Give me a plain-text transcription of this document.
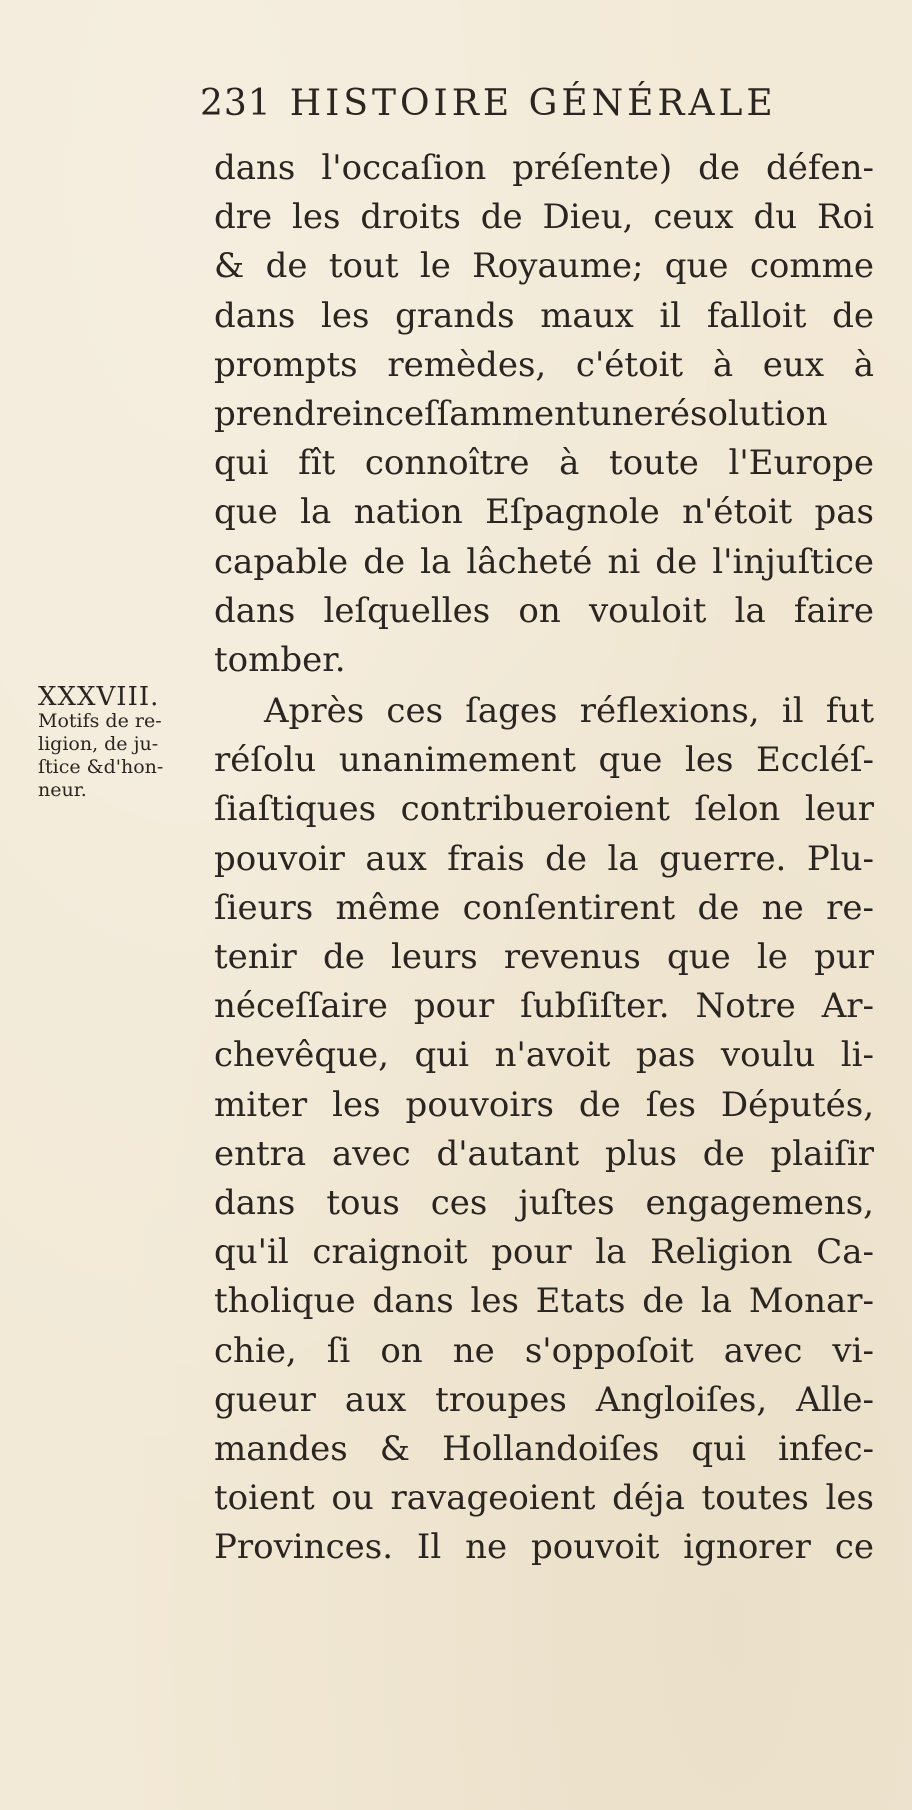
231 HISTOIRE GÉNÉRALE
dans l'occaſion préſente) de défen-
dre les droits de Dieu, ceux du Roi
& de tout le Royaume; que comme
dans les grands maux il falloit de
prompts remèdes, c'étoit à eux à
prendreinceſſammentunerésolution
qui fît connoître à toute l'Europe
que la nation Eſpagnole n'étoit pas
capable de la lâcheté ni de l'injuſtice
dans leſquelles on vouloit la faire
tomber.
Après ces ſages réflexions, il fut
réſolu unanimement que les Eccléſ-
ſiaſtiques contribueroient ſelon leur
pouvoir aux frais de la guerre. Plu-
ſieurs même conſentirent de ne re-
tenir de leurs revenus que le pur
néceſſaire pour ſubſiſter. Notre Ar-
chevêque, qui n'avoit pas voulu li-
miter les pouvoirs de ſes Députés,
entra avec d'autant plus de plaiſir
dans tous ces juſtes engagemens,
qu'il craignoit pour la Religion Ca-
tholique dans les Etats de la Monar-
chie, ſi on ne s'oppoſoit avec vi-
gueur aux troupes Angloiſes, Alle-
mandes & Hollandoiſes qui infec-
toient ou ravageoient déja toutes les
Provinces. Il ne pouvoit ignorer ce
XXXVIII.
Motifs de re-
ligion, de ju-
ſtice &d'hon-
neur.
